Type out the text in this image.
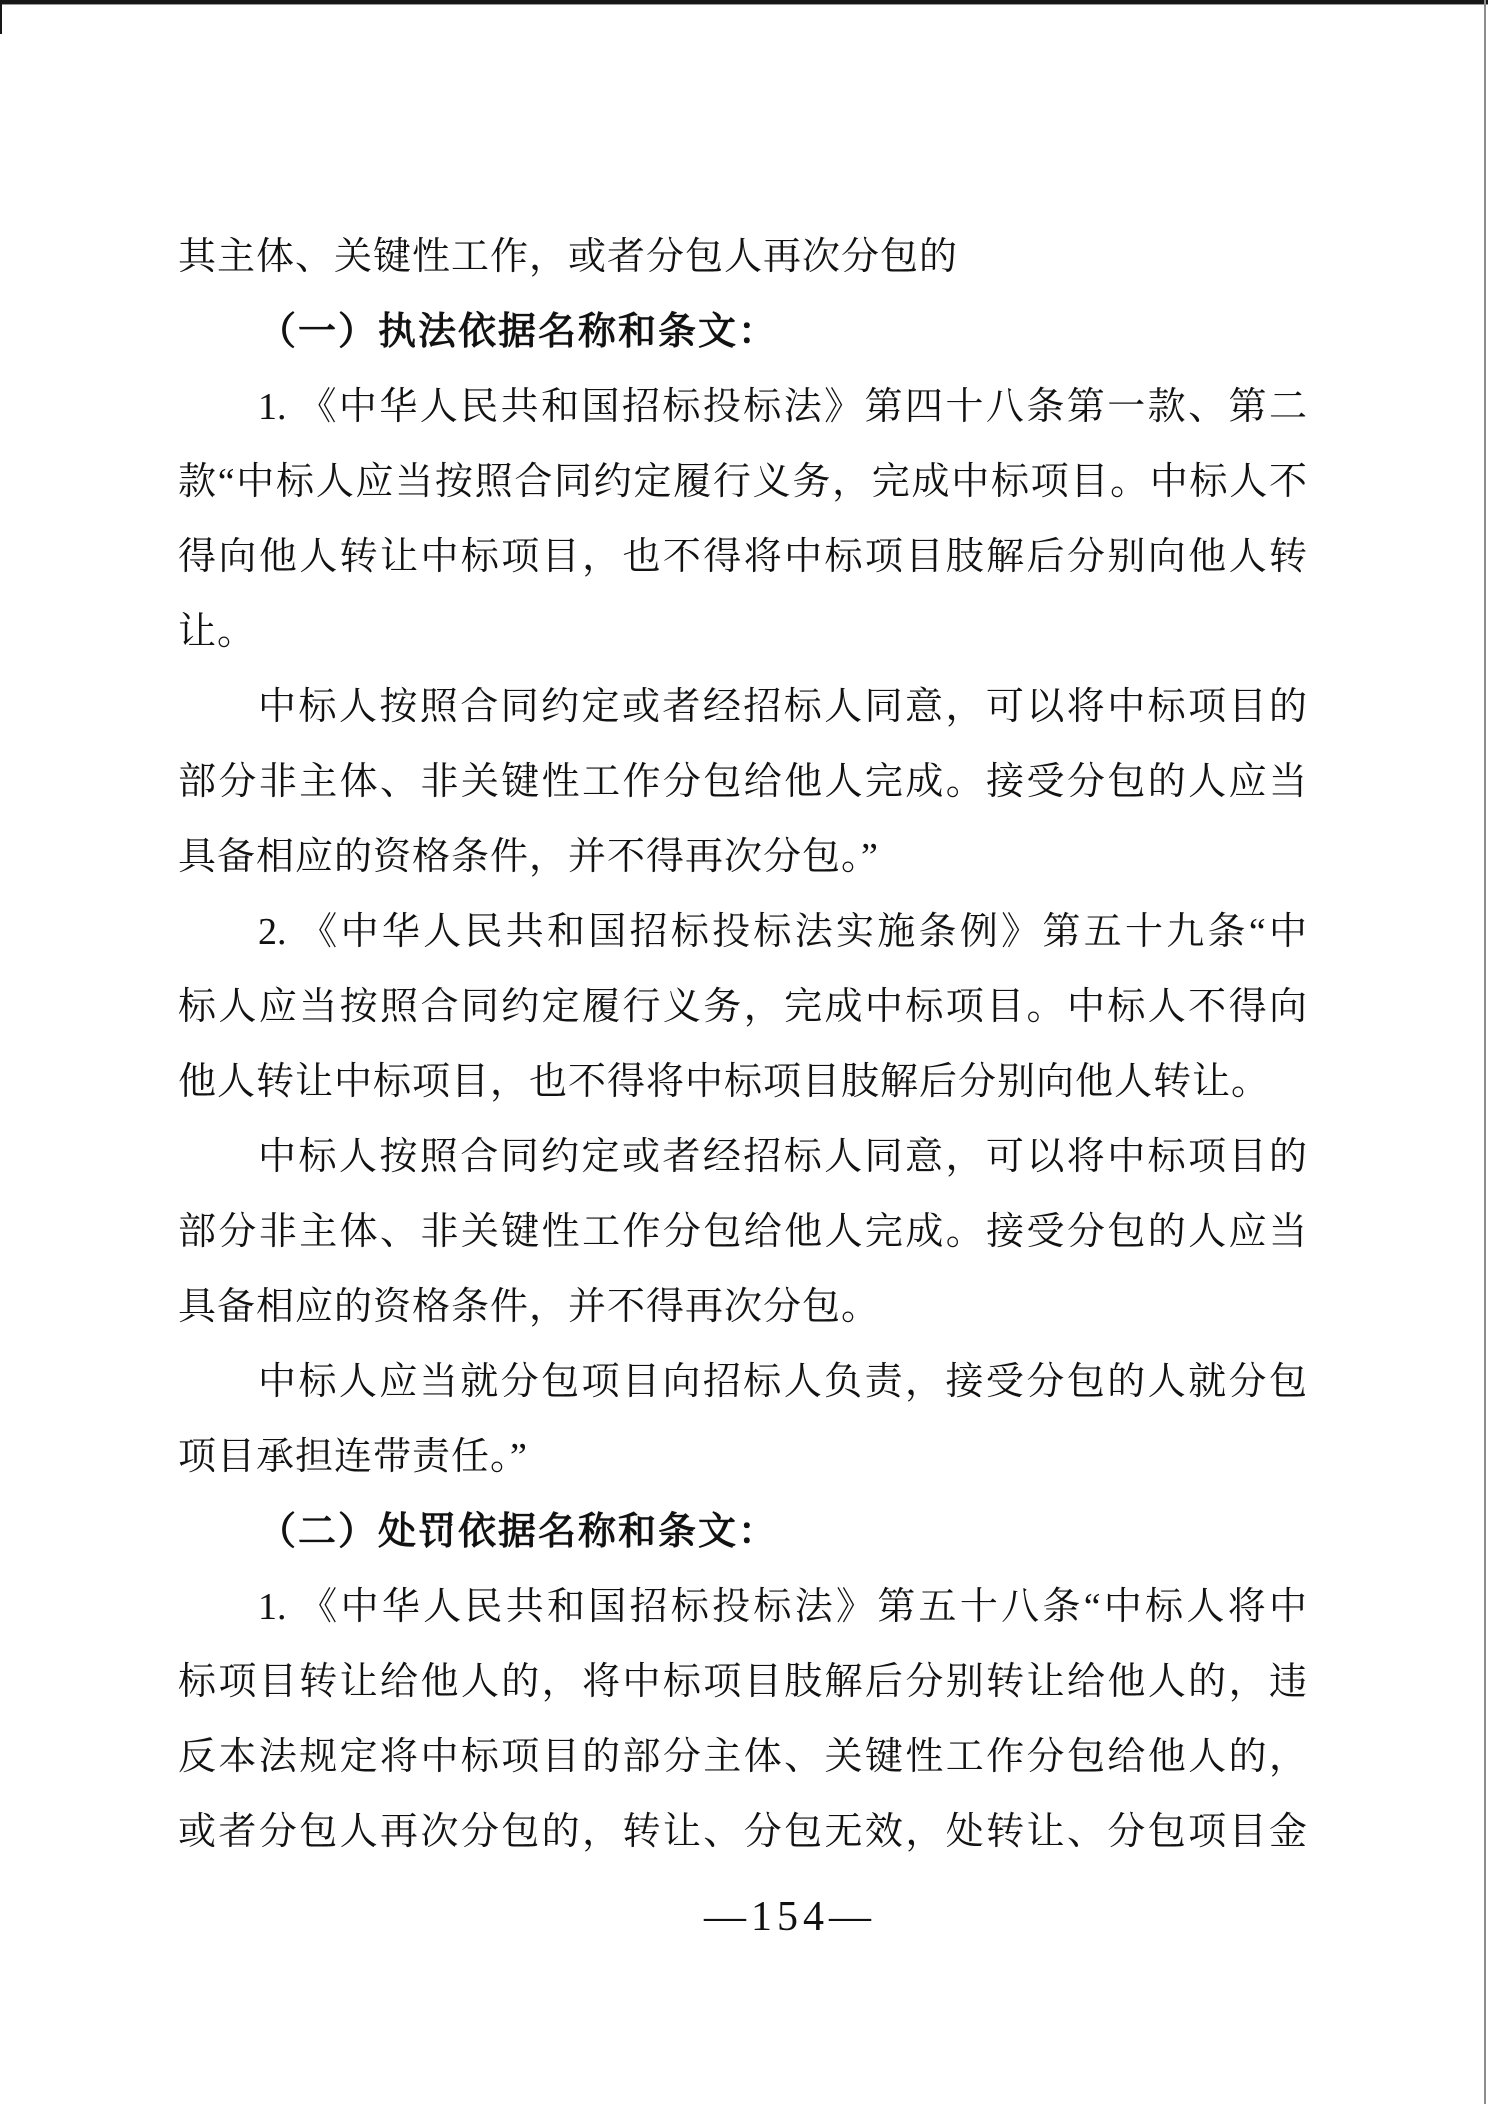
其主体、关键性工作，或者分包人再次分包的
（一）执法依据名称和条文：
1. 《中华人民共和国招标投标法》第四十八条第一款、第二
款“中标人应当按照合同约定履行义务，完成中标项目。中标人不
得向他人转让中标项目，也不得将中标项目肢解后分别向他人转
让。
中标人按照合同约定或者经招标人同意，可以将中标项目的
部分非主体、非关键性工作分包给他人完成。接受分包的人应当
具备相应的资格条件，并不得再次分包。”
2. 《中华人民共和国招标投标法实施条例》第五十九条“中
标人应当按照合同约定履行义务，完成中标项目。中标人不得向
他人转让中标项目，也不得将中标项目肢解后分别向他人转让。
中标人按照合同约定或者经招标人同意，可以将中标项目的
部分非主体、非关键性工作分包给他人完成。接受分包的人应当
具备相应的资格条件，并不得再次分包。
中标人应当就分包项目向招标人负责，接受分包的人就分包
项目承担连带责任。”
（二）处罚依据名称和条文：
1. 《中华人民共和国招标投标法》第五十八条“中标人将中
标项目转让给他人的，将中标项目肢解后分别转让给他人的，违
反本法规定将中标项目的部分主体、关键性工作分包给他人的，
或者分包人再次分包的，转让、分包无效，处转让、分包项目金
—154—
